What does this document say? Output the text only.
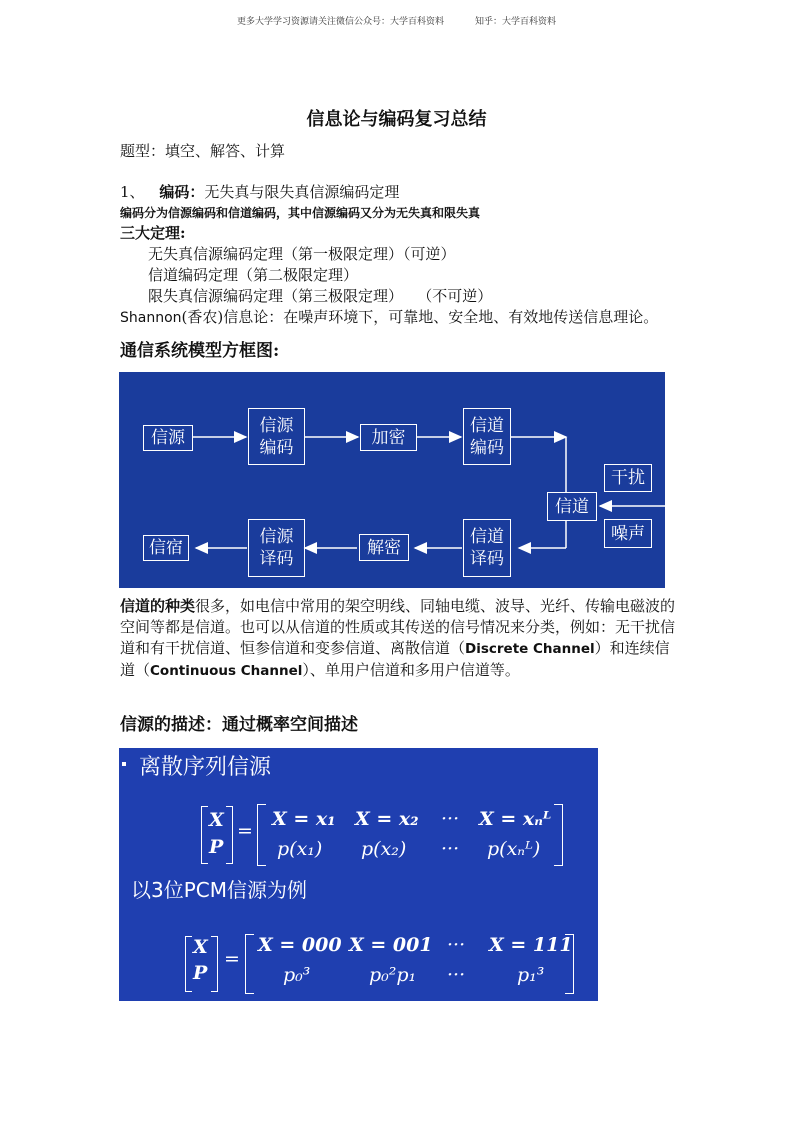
更多大学学习资源请关注微信公众号：大学百科资料	知乎：大学百科资料
信息论与编码复习总结
题型：填空、解答、计算
1、 编码：无失真与限失真信源编码定理
编码分为信源编码和信道编码，其中信源编码又分为无失真和限失真
三大定理:
无失真信源编码定理（第一极限定理）（可逆）
信道编码定理（第二极限定理）
限失真信源编码定理（第三极限定理）   （不可逆）
Shannon(香农)信息论：在噪声环境下，可靠地、安全地、有效地传送信息理论。
通信系统模型方框图:
信源
信源
编码	加密
信道
编码
信道
干扰
噪声
信道
译码
解密
信源
译码
信宿
信道的种类很多，如电信中常用的架空明线、同轴电缆、波导、光纤、传输电磁波的空间等都是信道。也可以从信道的性质或其传送的信号情况来分类，例如：无干扰信道和有干扰信道、恒参信道和变参信道、离散信道（Discrete Channel）和连续信道（Continuous Channel）、单用户信道和多用户信道等。
信源的描述：通过概率空间描述
离散序列信源
X
P
=
X = x₁ X = x₂ ··· X = xₙᴸ
p(x₁) p(x₂) ··· p(xₙᴸ)
以3位PCM信源为例
X
P
=
X = 000 X = 001 ··· X = 111
p₀³	p₀²p₁ ···	p₁³
